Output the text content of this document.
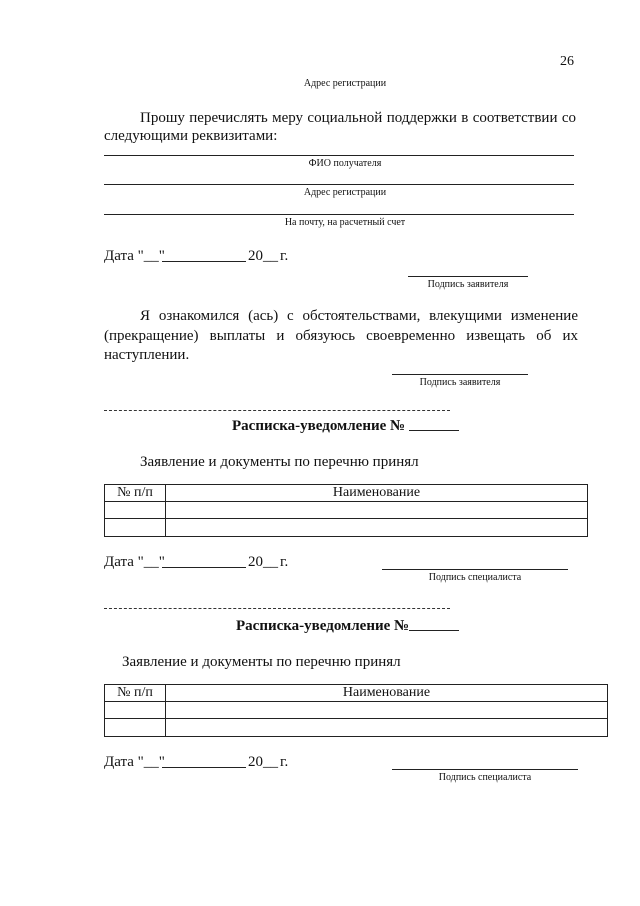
26
Адрес регистрации
Прошу перечислять меру социальной поддержки в соответствии со
следующими реквизитами:
ФИО получателя
Адрес регистрации
На почту, на расчетный счет
Дата "__"	20__ г.
Подпись заявителя
Я ознакомился (ась) с обстоятельствами, влекущими изменение
(прекращение) выплаты и обязуюсь своевременно извещать об их
наступлении.
Подпись заявителя
Расписка-уведомление №
Заявление и документы по перечню принял
№ п/п	Наименование

Дата "__"	20__ г.
Подпись специалиста
Расписка-уведомление №
Заявление и документы по перечню принял
№ п/п	Наименование

Дата "__"	20__ г.
Подпись специалиста
